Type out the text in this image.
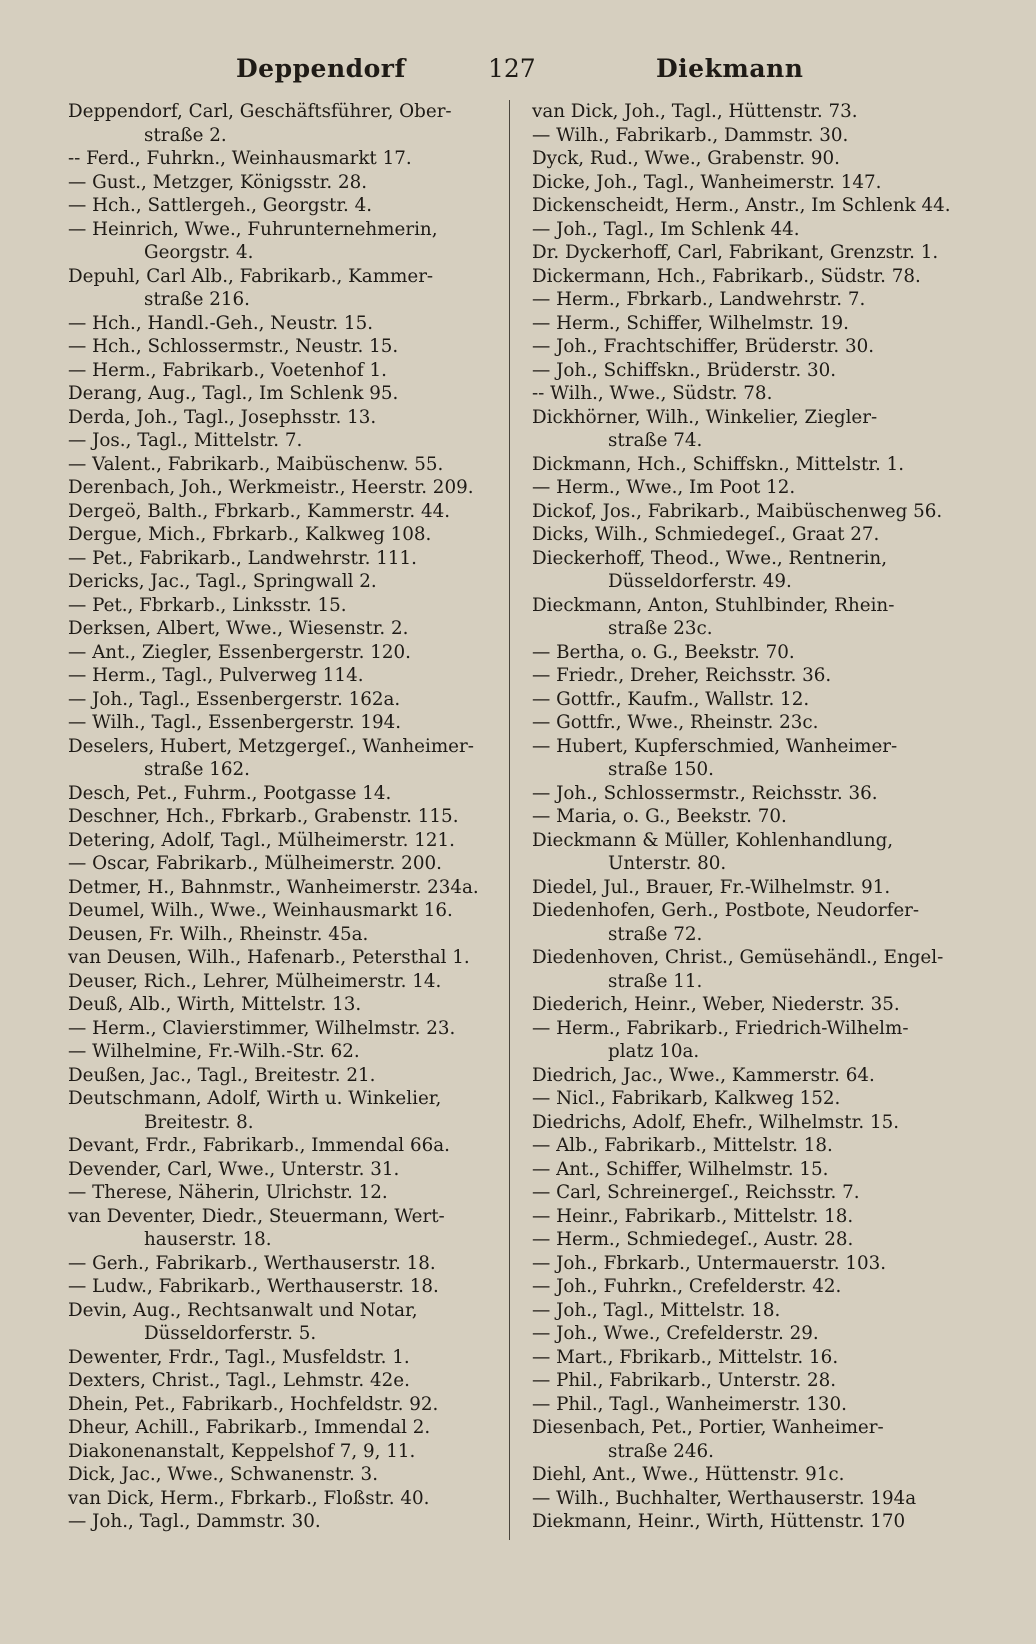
Deppendorf	127	Diekmann
Deppendorf, Carl, Geschäftsführer, Ober-
straße 2.
-- Ferd., Fuhrkn., Weinhausmarkt 17.
— Gust., Metzger, Königsstr. 28.
— Hch., Sattlergeh., Georgstr. 4.
— Heinrich, Wwe., Fuhrunternehmerin,
Georgstr. 4.
Depuhl, Carl Alb., Fabrikarb., Kammer-
straße 216.
— Hch., Handl.-Geh., Neustr. 15.
— Hch., Schlossermstr., Neustr. 15.
— Herm., Fabrikarb., Voetenhof 1.
Derang, Aug., Tagl., Im Schlenk 95.
Derda, Joh., Tagl., Josephsstr. 13.
— Jos., Tagl., Mittelstr. 7.
— Valent., Fabrikarb., Maibüschenw. 55.
Derenbach, Joh., Werkmeistr., Heerstr. 209.
Dergeö, Balth., Fbrkarb., Kammerstr. 44.
Dergue, Mich., Fbrkarb., Kalkweg 108.
— Pet., Fabrikarb., Landwehrstr. 111.
Dericks, Jac., Tagl., Springwall 2.
— Pet., Fbrkarb., Linksstr. 15.
Derksen, Albert, Wwe., Wiesenstr. 2.
— Ant., Ziegler, Essenbergerstr. 120.
— Herm., Tagl., Pulverweg 114.
— Joh., Tagl., Essenbergerstr. 162a.
— Wilh., Tagl., Essenbergerstr. 194.
Deselers, Hubert, Metzgergeſ., Wanheimer-
straße 162.
Desch, Pet., Fuhrm., Pootgasse 14.
Deschner, Hch., Fbrkarb., Grabenstr. 115.
Detering, Adolf, Tagl., Mülheimerstr. 121.
— Oscar, Fabrikarb., Mülheimerstr. 200.
Detmer, H., Bahnmstr., Wanheimerstr. 234a.
Deumel, Wilh., Wwe., Weinhausmarkt 16.
Deusen, Fr. Wilh., Rheinstr. 45a.
van Deusen, Wilh., Hafenarb., Petersthal 1.
Deuser, Rich., Lehrer, Mülheimerstr. 14.
Deuß, Alb., Wirth, Mittelstr. 13.
— Herm., Clavierstimmer, Wilhelmstr. 23.
— Wilhelmine, Fr.-Wilh.-Str. 62.
Deußen, Jac., Tagl., Breitestr. 21.
Deutschmann, Adolf, Wirth u. Winkelier,
Breitestr. 8.
Devant, Frdr., Fabrikarb., Immendal 66a.
Devender, Carl, Wwe., Unterstr. 31.
— Therese, Näherin, Ulrichstr. 12.
van Deventer, Diedr., Steuermann, Wert-
hauserstr. 18.
— Gerh., Fabrikarb., Werthauserstr. 18.
— Ludw., Fabrikarb., Werthauserstr. 18.
Devin, Aug., Rechtsanwalt und Notar,
Düsseldorferstr. 5.
Dewenter, Frdr., Tagl., Musfeldstr. 1.
Dexters, Christ., Tagl., Lehmstr. 42e.
Dhein, Pet., Fabrikarb., Hochfeldstr. 92.
Dheur, Achill., Fabrikarb., Immendal 2.
Diakonenanstalt, Keppelshof 7, 9, 11.
Dick, Jac., Wwe., Schwanenstr. 3.
van Dick, Herm., Fbrkarb., Floßstr. 40.
— Joh., Tagl., Dammstr. 30.
van Dick, Joh., Tagl., Hüttenstr. 73.
— Wilh., Fabrikarb., Dammstr. 30.
Dyck, Rud., Wwe., Grabenstr. 90.
Dicke, Joh., Tagl., Wanheimerstr. 147.
Dickenscheidt, Herm., Anstr., Im Schlenk 44.
— Joh., Tagl., Im Schlenk 44.
Dr. Dyckerhoff, Carl, Fabrikant, Grenzstr. 1.
Dickermann, Hch., Fabrikarb., Südstr. 78.
— Herm., Fbrkarb., Landwehrstr. 7.
— Herm., Schiffer, Wilhelmstr. 19.
— Joh., Frachtschiffer, Brüderstr. 30.
— Joh., Schiffskn., Brüderstr. 30.
-- Wilh., Wwe., Südstr. 78.
Dickhörner, Wilh., Winkelier, Ziegler-
straße 74.
Dickmann, Hch., Schiffskn., Mittelstr. 1.
— Herm., Wwe., Im Poot 12.
Dickof, Jos., Fabrikarb., Maibüschenweg 56.
Dicks, Wilh., Schmiedegeſ., Graat 27.
Dieckerhoff, Theod., Wwe., Rentnerin,
Düsseldorferstr. 49.
Dieckmann, Anton, Stuhlbinder, Rhein-
straße 23c.
— Bertha, o. G., Beekstr. 70.
— Friedr., Dreher, Reichsstr. 36.
— Gottfr., Kaufm., Wallstr. 12.
— Gottfr., Wwe., Rheinstr. 23c.
— Hubert, Kupferschmied, Wanheimer-
straße 150.
— Joh., Schlossermstr., Reichsstr. 36.
— Maria, o. G., Beekstr. 70.
Dieckmann & Müller, Kohlenhandlung,
Unterstr. 80.
Diedel, Jul., Brauer, Fr.-Wilhelmstr. 91.
Diedenhofen, Gerh., Postbote, Neudorfer-
straße 72.
Diedenhoven, Christ., Gemüsehändl., Engel-
straße 11.
Diederich, Heinr., Weber, Niederstr. 35.
— Herm., Fabrikarb., Friedrich-Wilhelm-
platz 10a.
Diedrich, Jac., Wwe., Kammerstr. 64.
— Nicl., Fabrikarb, Kalkweg 152.
Diedrichs, Adolf, Ehefr., Wilhelmstr. 15.
— Alb., Fabrikarb., Mittelstr. 18.
— Ant., Schiffer, Wilhelmstr. 15.
— Carl, Schreinergeſ., Reichsstr. 7.
— Heinr., Fabrikarb., Mittelstr. 18.
— Herm., Schmiedegeſ., Austr. 28.
— Joh., Fbrkarb., Untermauerstr. 103.
— Joh., Fuhrkn., Crefelderstr. 42.
— Joh., Tagl., Mittelstr. 18.
— Joh., Wwe., Crefelderstr. 29.
— Mart., Fbrikarb., Mittelstr. 16.
— Phil., Fabrikarb., Unterstr. 28.
— Phil., Tagl., Wanheimerstr. 130.
Diesenbach, Pet., Portier, Wanheimer-
straße 246.
Diehl, Ant., Wwe., Hüttenstr. 91c.
— Wilh., Buchhalter, Werthauserstr. 194a
Diekmann, Heinr., Wirth, Hüttenstr. 170
